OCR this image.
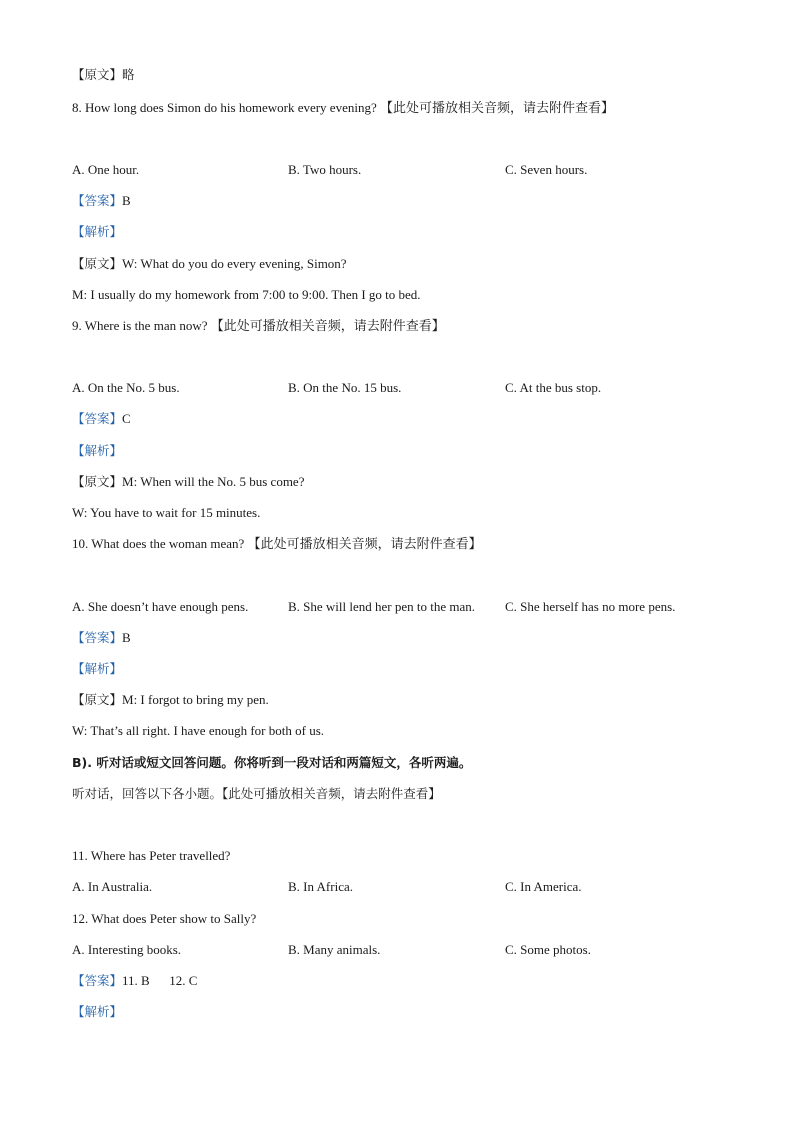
【原文】略
8. How long does Simon do his homework every evening? 【此处可播放相关音频，请去附件查看】
A. One hour.	B. Two hours.	C. Seven hours.
【答案】B
【解析】
【原文】W: What do you do every evening, Simon?
M: I usually do my homework from 7:00 to 9:00. Then I go to bed.
9. Where is the man now? 【此处可播放相关音频，请去附件查看】
A. On the No. 5 bus.	B. On the No. 15 bus.	C. At the bus stop.
【答案】C
【解析】
【原文】M: When will the No. 5 bus come?
W: You have to wait for 15 minutes.
10. What does the woman mean? 【此处可播放相关音频，请去附件查看】
A. She doesn’t have enough pens.	B. She will lend her pen to the man. C. She herself has no more pens.
【答案】B
【解析】
【原文】M: I forgot to bring my pen.
W: That’s all right. I have enough for both of us.
B). 听对话或短文回答问题。你将听到一段对话和两篇短文，各听两遍。
听对话，回答以下各小题。【此处可播放相关音频，请去附件查看】
11. Where has Peter travelled?
A. In Australia.	B. In Africa.	C. In America.
12. What does Peter show to Sally?
A. Interesting books.	B. Many animals.	C. Some photos.
【答案】11. B      12. C
【解析】
